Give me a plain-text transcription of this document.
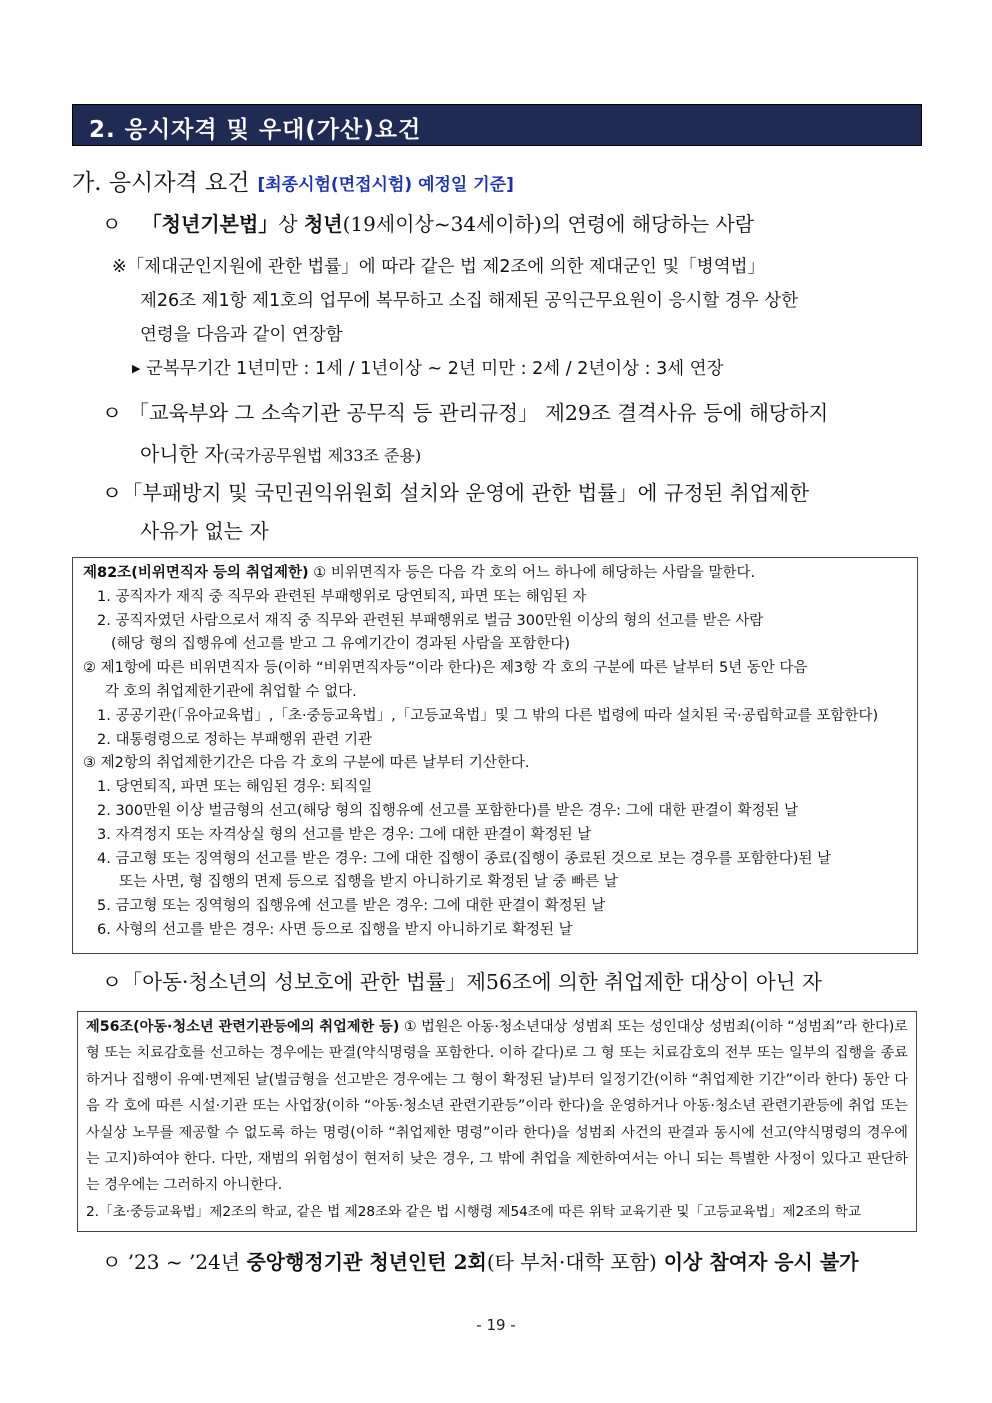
2. 응시자격 및 우대(가산)요건
가. 응시자격 요건 [최종시험(면접시험) 예정일 기준]
ㅇ 「청년기본법」상 청년(19세이상~34세이하)의 연령에 해당하는 사람
※「제대군인지원에 관한 법률」에 따라 같은 법 제2조에 의한 제대군인 및「병역법」
제26조 제1항 제1호의 업무에 복무하고 소집 해제된 공익근무요원이 응시할 경우 상한
연령을 다음과 같이 연장함
▶ 군복무기간 1년미만 : 1세 / 1년이상 ~ 2년 미만 : 2세 / 2년이상 : 3세 연장
ㅇ 「교육부와 그 소속기관 공무직 등 관리규정」 제29조 결격사유 등에 해당하지
아니한 자(국가공무원법 제33조 준용)
ㅇ「부패방지 및 국민권익위원회 설치와 운영에 관한 법률」에 규정된 취업제한
사유가 없는 자
제82조(비위면직자 등의 취업제한) ① 비위면직자 등은 다음 각 호의 어느 하나에 해당하는 사람을 말한다.
1. 공직자가 재직 중 직무와 관련된 부패행위로 당연퇴직, 파면 또는 해임된 자
2. 공직자였던 사람으로서 재직 중 직무와 관련된 부패행위로 벌금 300만원 이상의 형의 선고를 받은 사람
(해당 형의 집행유예 선고를 받고 그 유예기간이 경과된 사람을 포함한다)
② 제1항에 따른 비위면직자 등(이하 “비위면직자등”이라 한다)은 제3항 각 호의 구분에 따른 날부터 5년 동안 다음
각 호의 취업제한기관에 취업할 수 없다.
1. 공공기관(「유아교육법」,「초·중등교육법」,「고등교육법」및 그 밖의 다른 법령에 따라 설치된 국·공립학교를 포함한다)
2. 대통령령으로 정하는 부패행위 관련 기관
③ 제2항의 취업제한기간은 다음 각 호의 구분에 따른 날부터 기산한다.
1. 당연퇴직, 파면 또는 해임된 경우: 퇴직일
2. 300만원 이상 벌금형의 선고(해당 형의 집행유예 선고를 포함한다)를 받은 경우: 그에 대한 판결이 확정된 날
3. 자격정지 또는 자격상실 형의 선고를 받은 경우: 그에 대한 판결이 확정된 날
4. 금고형 또는 징역형의 선고를 받은 경우: 그에 대한 집행이 종료(집행이 종료된 것으로 보는 경우를 포함한다)된 날
또는 사면, 형 집행의 면제 등으로 집행을 받지 아니하기로 확정된 날 중 빠른 날
5. 금고형 또는 징역형의 집행유예 선고를 받은 경우: 그에 대한 판결이 확정된 날
6. 사형의 선고를 받은 경우: 사면 등으로 집행을 받지 아니하기로 확정된 날
ㅇ「아동·청소년의 성보호에 관한 법률」제56조에 의한 취업제한 대상이 아닌 자

제56조(아동·청소년 관련기관등에의 취업제한 등) ① 법원은 아동·청소년대상 성범죄 또는 성인대상 성범죄(이하 “성범죄”라 한다)로 형 또는 치료감호를 선고하는 경우에는 판결(약식명령을 포함한다. 이하 같다)로 그 형 또는 치료감호의 전부 또는 일부의 집행을 종료하거나 집행이 유예·면제된 날(벌금형을 선고받은 경우에는 그 형이 확정된 날)부터 일정기간(이하 “취업제한 기간”이라 한다) 동안 다음 각 호에 따른 시설·기관 또는 사업장(이하 “아동·청소년 관련기관등”이라 한다)을 운영하거나 아동·청소년 관련기관등에 취업 또는 사실상 노무를 제공할 수 없도록 하는 명령(이하 “취업제한 명령”이라 한다)을 성범죄 사건의 판결과 동시에 선고(약식명령의 경우에는 고지)하여야 한다. 다만, 재범의 위험성이 현저히 낮은 경우, 그 밖에 취업을 제한하여서는 아니 되는 특별한 사정이 있다고 판단하는 경우에는 그러하지 아니한다.

2.「초·중등교육법」제2조의 학교, 같은 법 제28조와 같은 법 시행령 제54조에 따른 위탁 교육기관 및「고등교육법」제2조의 학교

ㅇ ’23 ~ ’24년 중앙행정기관 청년인턴 2회(타 부처·대학 포함) 이상 참여자 응시 불가
- 19 -
